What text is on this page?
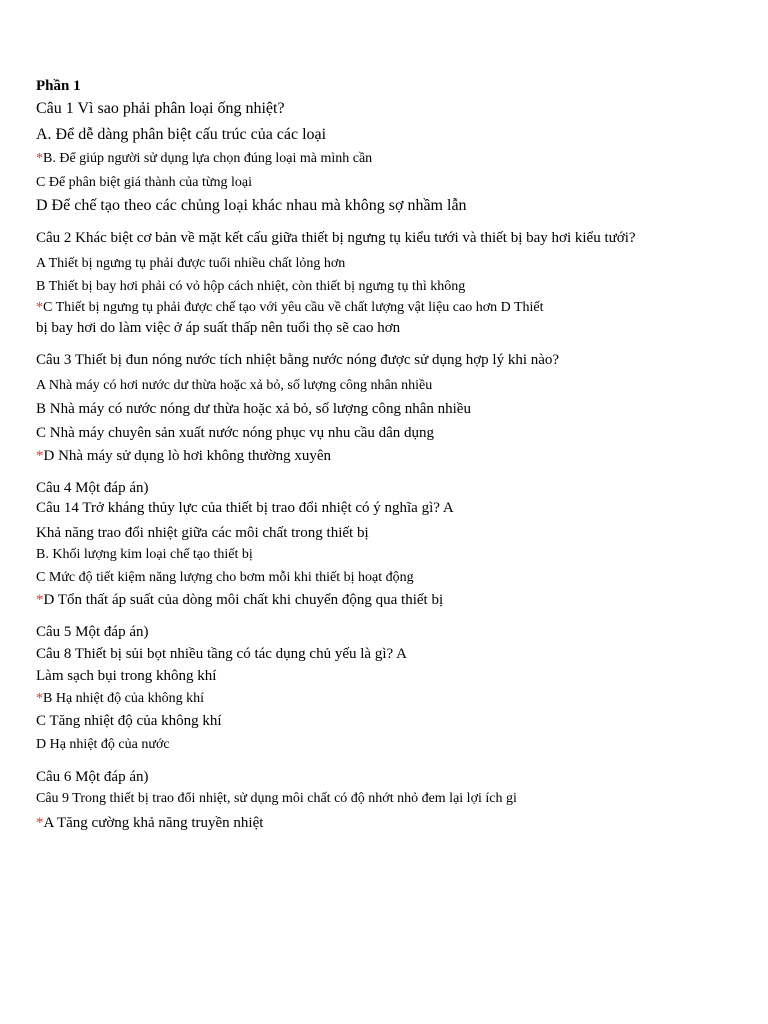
Phần 1
Câu 1 Vì sao phải phân loại ống nhiệt?
A. Để dễ dàng phân biệt cấu trúc của các loại
*B. Để giúp người sử dụng lựa chọn đúng loại mà mình cần
C Để phân biệt giá thành của từng loại
D Để chế tạo theo các chủng loại khác nhau mà không sợ nhầm lẫn
Câu 2 Khác biệt cơ bản về mặt kết cấu giữa thiết bị ngưng tụ kiểu tưới và thiết bị bay hơi kiểu tưới?
A Thiết bị ngưng tụ phải được tuổi nhiều chất lỏng hơn
B Thiết bị bay hơi phải có vỏ hộp cách nhiệt, còn thiết bị ngưng tụ thì không
*C Thiết bị ngưng tụ phải được chế tạo với yêu cầu về chất lượng vật liệu cao hơn D Thiết
bị bay hơi do làm việc ở áp suất thấp nên tuổi thọ sẽ cao hơn
Câu 3 Thiết bị đun nóng nước tích nhiệt bằng nước nóng được sử dụng hợp lý khi nào?
A Nhà máy có hơi nước dư thừa hoặc xả bỏ, số lượng công nhân nhiều
B Nhà máy có nước nóng dư thừa hoặc xả bỏ, số lượng công nhân nhiều
C Nhà máy chuyên sản xuất nước nóng phục vụ nhu cầu dân dụng
*D Nhà máy sử dụng lò hơi không thường xuyên
Câu 4 Một đáp án)
Câu 14 Trở kháng thủy lực của thiết bị trao đổi nhiệt có ý nghĩa gì? A
Khả năng trao đổi nhiệt giữa các môi chất trong thiết bị
B. Khối lượng kim loại chế tạo thiết bị
C Mức độ tiết kiệm năng lượng cho bơm mỗi khi thiết bị hoạt động
*D Tổn thất áp suất của dòng môi chất khi chuyển động qua thiết bị
Câu 5 Một đáp án)
Câu 8 Thiết bị sủi bọt nhiều tầng có tác dụng chủ yếu là gì? A
Làm sạch bụi trong không khí
*B Hạ nhiệt độ của không khí
C Tăng nhiệt độ của không khí
D Hạ nhiệt độ của nước
Câu 6 Một đáp án)
Câu 9 Trong thiết bị trao đổi nhiệt, sử dụng môi chất có độ nhớt nhỏ đem lại lợi ích gi
*A Tăng cường khả năng truyền nhiệt
